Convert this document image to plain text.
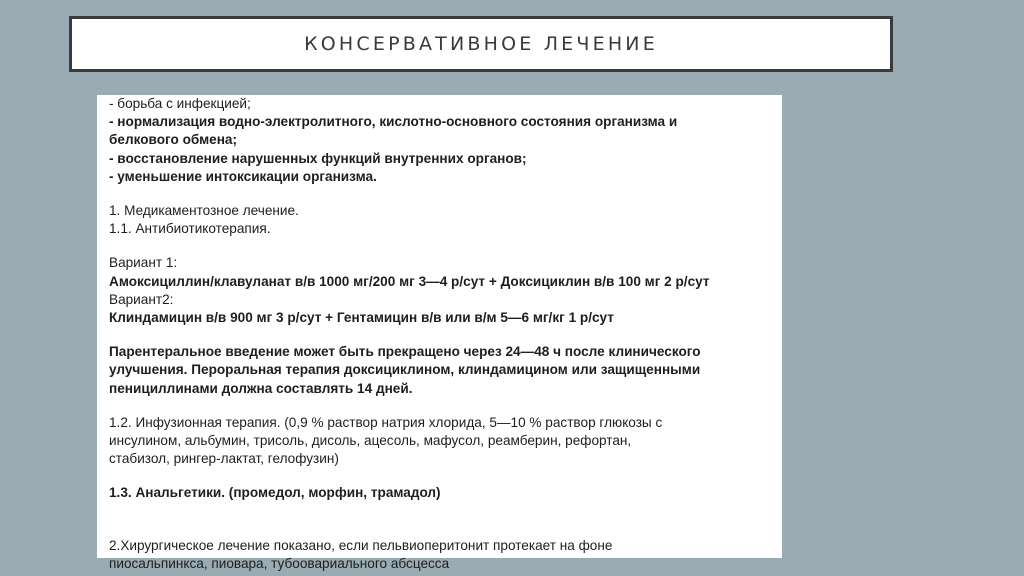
КОНСЕРВАТИВНОЕ ЛЕЧЕНИЕ
- борьба с инфекцией;
- нормализация водно-электролитного, кислотно-основного состояния организма и
белкового обмена;
- восстановление нарушенных функций внутренних органов;
- уменьшение интоксикации организма.
1. Медикаментозное лечение.
1.1. Антибиотикотерапия.
Вариант 1:
Амоксициллин/клавуланат в/в 1000 мг/200 мг 3—4 р/сут + Доксициклин в/в 100 мг 2 р/сут
Вариант2:
Клиндамицин в/в 900 мг 3 р/сут + Гентамицин в/в или в/м 5—6 мг/кг 1 р/сут
Парентеральное введение может быть прекращено через 24—48 ч после клинического
улучшения. Пероральная терапия доксициклином, клиндамицином или защищенными
пенициллинами должна составлять 14 дней.
1.2. Инфузионная терапия. (0,9 % раствор натрия хлорида, 5—10 % раствор глюкозы с
инсулином, альбумин, трисоль, дисоль, ацесоль, мафусол, реамберин, рефортан,
стабизол, рингер-лактат, гелофузин)
1.3. Анальгетики. (промедол, морфин, трамадол)
2.Хирургическое лечение показано, если пельвиоперитонит протекает на фоне
пиосальпинкса, пиовара, тубоовариального абсцесса
